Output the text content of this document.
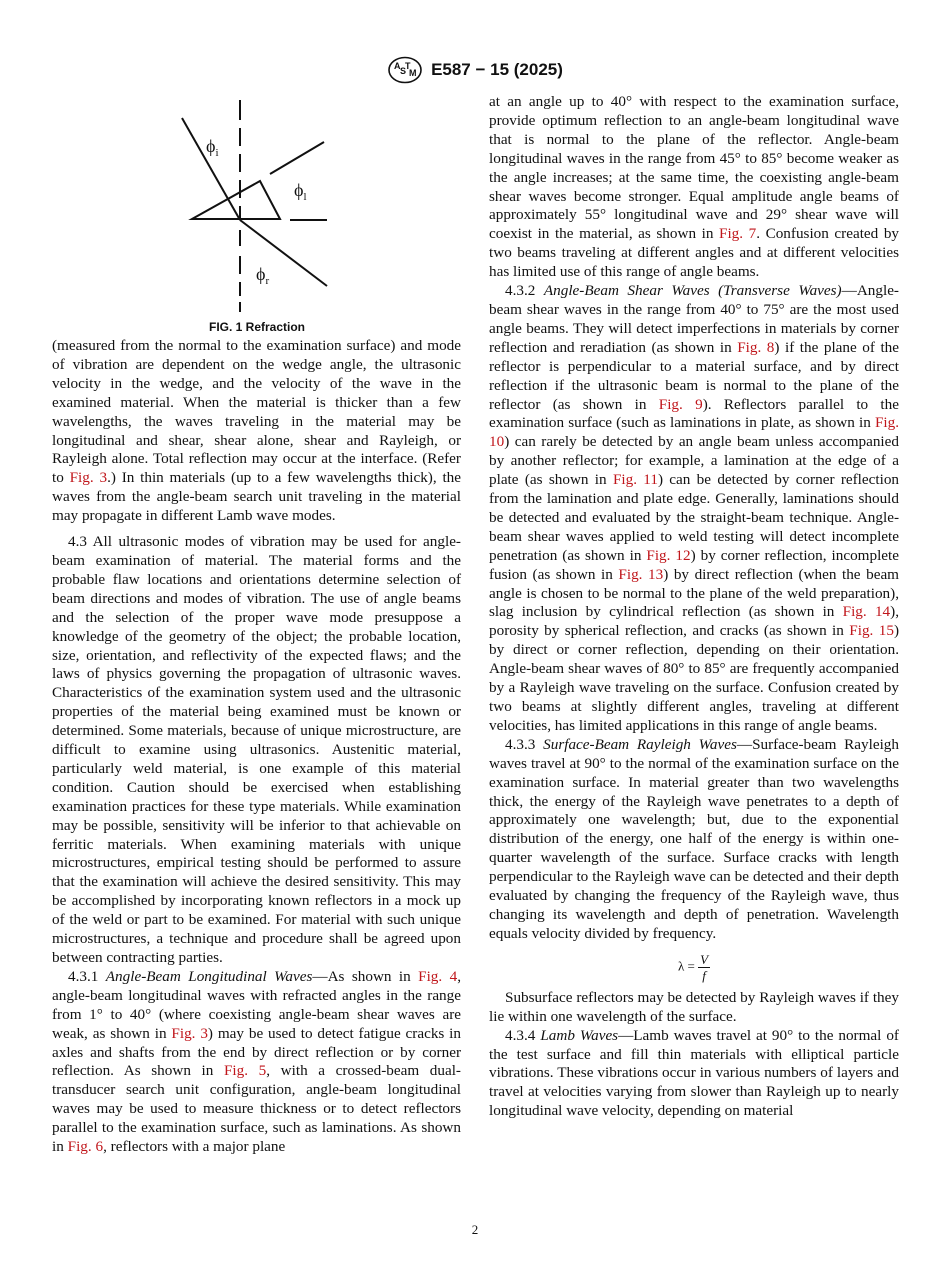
A S
T
M E587 − 15 (2025)
$\phi_i$
$\phi_l$
$\phi_r$
FIG. 1 Refraction

(measured from the normal to the examination surface) and mode of vibration are dependent on the wedge angle, the ultrasonic velocity in the wedge, and the velocity of the wave in the examined material. When the material is thicker than a few wavelengths, the waves traveling in the material may be longitudinal and shear, shear alone, shear and Rayleigh, or Rayleigh alone. Total reflection may occur at the interface. (Refer to Fig. 3.) In thin materials (up to a few wavelengths thick), the waves from the angle-beam search unit traveling in the material may propagate in different Lamb wave modes.

4.3 All ultrasonic modes of vibration may be used for angle-beam examination of material. The material forms and the probable flaw locations and orientations determine selection of beam directions and modes of vibration. The use of angle beams and the selection of the proper wave mode presuppose a knowledge of the geometry of the object; the probable location, size, orientation, and reflectivity of the expected flaws; and the laws of physics governing the propagation of ultrasonic waves. Characteristics of the examination system used and the ultrasonic properties of the material being examined must be known or determined. Some materials, because of unique microstructure, are difficult to examine using ultrasonics. Austenitic material, particularly weld material, is one example of this material condition. Caution should be exercised when establishing examination practices for these type materials. While examination may be possible, sensitivity will be inferior to that achievable on ferritic materials. When examining materials with unique microstructures, empirical testing should be performed to assure that the examination will achieve the desired sensitivity. This may be accomplished by incorporating known reflectors in a mock up of the weld or part to be examined. For material with such unique microstructures, a technique and procedure shall be agreed upon between contracting parties.

4.3.1 Angle-Beam Longitudinal Waves—As shown in Fig. 4, angle-beam longitudinal waves with refracted angles in the range from 1° to 40° (where coexisting angle-beam shear waves are weak, as shown in Fig. 3) may be used to detect fatigue cracks in axles and shafts from the end by direct reflection or by corner reflection. As shown in Fig. 5, with a crossed-beam dual-transducer search unit configuration, angle-beam longitudinal waves may be used to measure thickness or to detect reflectors parallel to the examination surface, such as laminations. As shown in Fig. 6, reflectors with a major plane

at an angle up to 40° with respect to the examination surface, provide optimum reflection to an angle-beam longitudinal wave that is normal to the plane of the reflector. Angle-beam longitudinal waves in the range from 45° to 85° become weaker as the angle increases; at the same time, the coexisting angle-beam shear waves become stronger. Equal amplitude angle beams of approximately 55° longitudinal wave and 29° shear wave will coexist in the material, as shown in Fig. 7. Confusion created by two beams traveling at different angles and at different velocities has limited use of this range of angle beams.

4.3.2 Angle-Beam Shear Waves (Transverse Waves)—Angle-beam shear waves in the range from 40° to 75° are the most used angle beams. They will detect imperfections in materials by corner reflection and reradiation (as shown in Fig. 8) if the plane of the reflector is perpendicular to a material surface, and by direct reflection if the ultrasonic beam is normal to the plane of the reflector (as shown in Fig. 9). Reflectors parallel to the examination surface (such as laminations in plate, as shown in Fig. 10) can rarely be detected by an angle beam unless accompanied by another reflector; for example, a lamination at the edge of a plate (as shown in Fig. 11) can be detected by corner reflection from the lamination and plate edge. Generally, laminations should be detected and evaluated by the straight-beam technique. Angle-beam shear waves applied to weld testing will detect incomplete penetration (as shown in Fig. 12) by corner reflection, incomplete fusion (as shown in Fig. 13) by direct reflection (when the beam angle is chosen to be normal to the plane of the weld preparation), slag inclusion by cylindrical reflection (as shown in Fig. 14), porosity by spherical reflection, and cracks (as shown in Fig. 15) by direct or corner reflection, depending on their orientation. Angle-beam shear waves of 80° to 85° are frequently accompanied by a Rayleigh wave traveling on the surface. Confusion created by two beams at slightly different angles, traveling at different velocities, has limited applications in this range of angle beams.

4.3.3 Surface-Beam Rayleigh Waves—Surface-beam Rayleigh waves travel at 90° to the normal of the examination surface on the examination surface. In material greater than two wavelengths thick, the energy of the Rayleigh wave penetrates to a depth of approximately one wavelength; but, due to the exponential distribution of the energy, one half of the energy is within one-quarter wavelength of the surface. Surface cracks with length perpendicular to the Rayleigh wave can be detected and their depth evaluated by changing the frequency of the Rayleigh wave, thus changing its wavelength and depth of penetration. Wavelength equals velocity divided by frequency.

$\lambda = \frac{V}{f}$

Subsurface reflectors may be detected by Rayleigh waves if they lie within one wavelength of the surface.

4.3.4 Lamb Waves—Lamb waves travel at 90° to the normal of the test surface and fill thin materials with elliptical particle vibrations. These vibrations occur in various numbers of layers and travel at velocities varying from slower than Rayleigh up to nearly longitudinal wave velocity, depending on material

2
